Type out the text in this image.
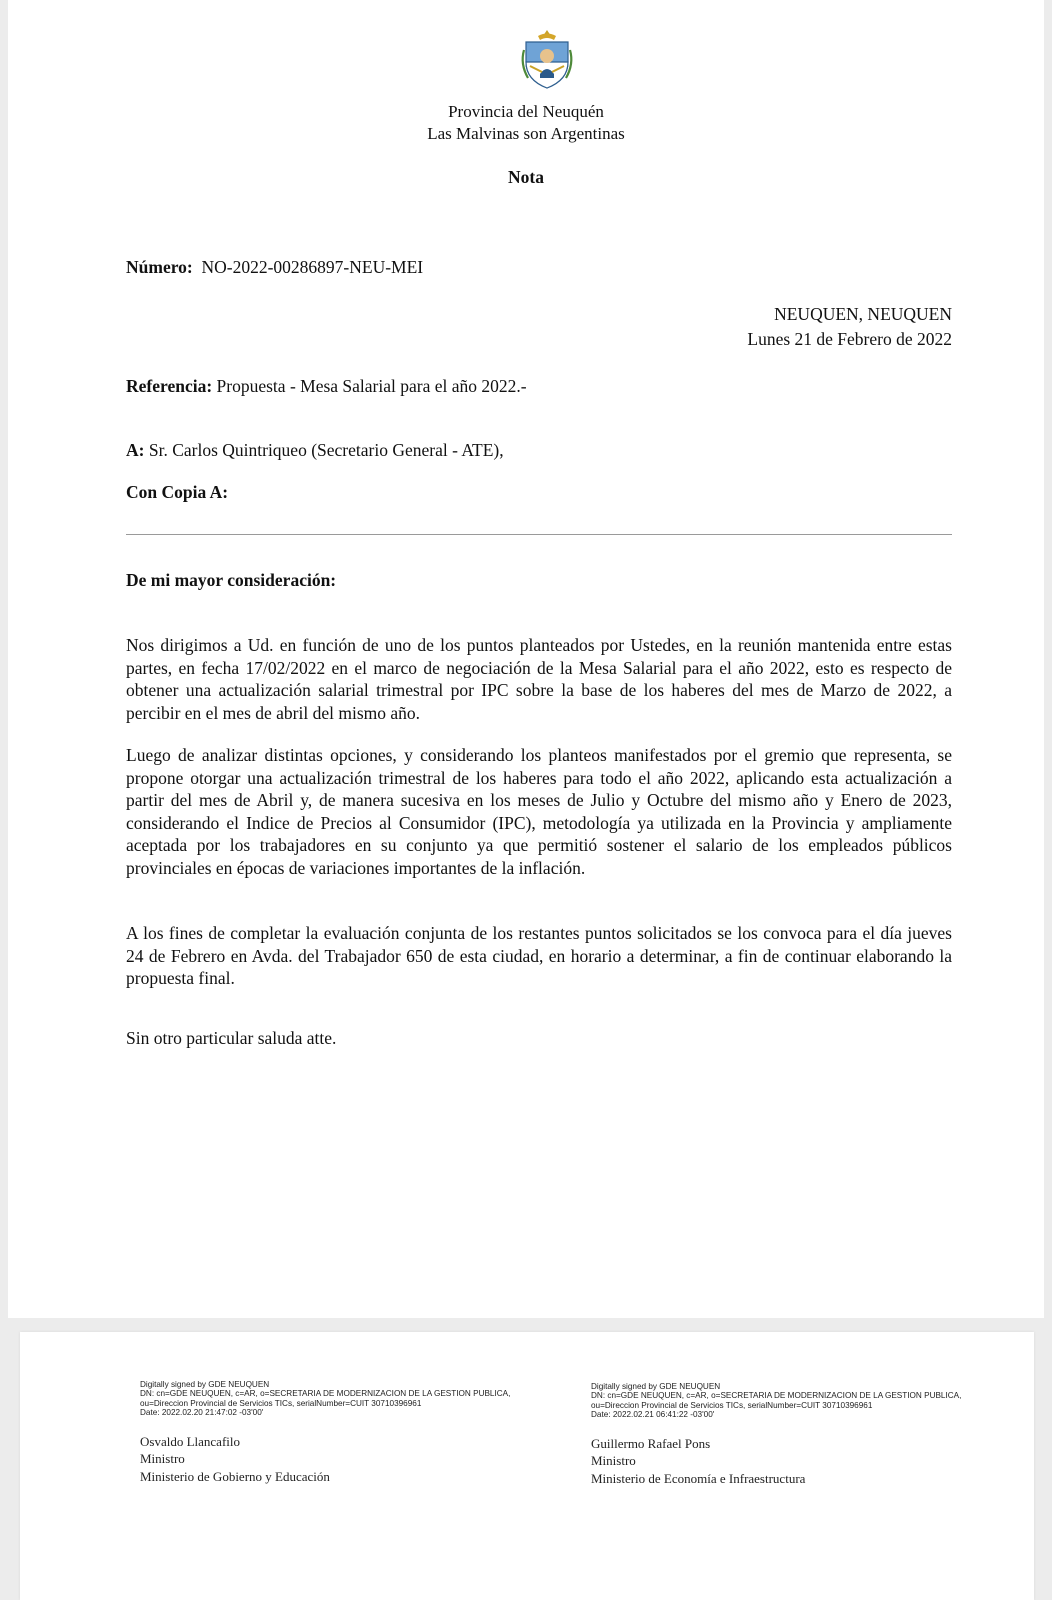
Provincia del Neuquén
Las Malvinas son Argentinas
Nota
Número: NO-2022-00286897-NEU-MEI
NEUQUEN, NEUQUEN
Lunes 21 de Febrero de 2022
Referencia: Propuesta - Mesa Salarial para el año 2022.-
A: Sr. Carlos Quintriqueo (Secretario General - ATE),
Con Copia A:
De mi mayor consideración:

Nos dirigimos a Ud. en función de uno de los puntos planteados por Ustedes, en la reunión mantenida entre estas partes, en fecha 17/02/2022 en el marco de negociación de la Mesa Salarial para el año 2022, esto es respecto de obtener una actualización salarial trimestral por IPC sobre la base de los haberes del mes de Marzo de 2022, a percibir en el mes de abril del mismo año.

Luego de analizar distintas opciones, y considerando los planteos manifestados por el gremio que representa, se propone otorgar una actualización trimestral de los haberes para todo el año 2022, aplicando esta actualización a partir del mes de Abril y, de manera sucesiva en los meses de Julio y Octubre del mismo año y Enero de 2023, considerando el Indice de Precios al Consumidor (IPC), metodología ya utilizada en la Provincia y ampliamente aceptada por los trabajadores en su conjunto ya que permitió sostener el salario de los empleados públicos provinciales en épocas de variaciones importantes de la inflación.

A los fines de completar la evaluación conjunta de los restantes puntos solicitados se los convoca para el día jueves 24 de Febrero en Avda. del Trabajador 650 de esta ciudad, en horario a determinar, a fin de continuar elaborando la propuesta final.

Sin otro particular saluda atte.
Digitally signed by GDE NEUQUEN
DN: cn=GDE NEUQUEN, c=AR, o=SECRETARIA DE MODERNIZACION DE LA GESTION PUBLICA,
ou=Direccion Provincial de Servicios TICs, serialNumber=CUIT 30710396961
Date: 2022.02.20 21:47:02 -03'00'
Osvaldo Llancafilo
Ministro
Ministerio de Gobierno y Educación
Digitally signed by GDE NEUQUEN
DN: cn=GDE NEUQUEN, c=AR, o=SECRETARIA DE MODERNIZACION DE LA GESTION PUBLICA,
ou=Direccion Provincial de Servicios TICs, serialNumber=CUIT 30710396961
Date: 2022.02.21 06:41:22 -03'00'
Guillermo Rafael Pons
Ministro
Ministerio de Economía e Infraestructura
